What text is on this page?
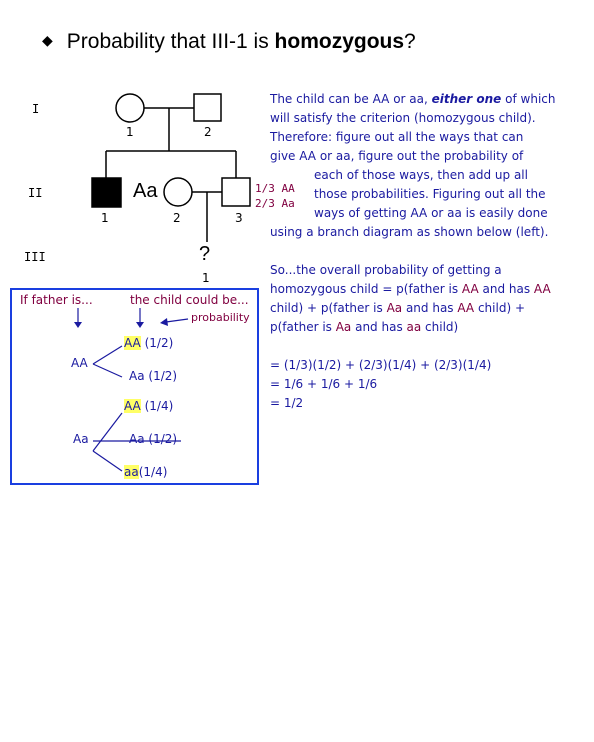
◆ Probability that III-1 is homozygous?
I
II
III
1	2
1	2	3
1
Aa	1/3 AA
2/3 Aa
?
The child can be AA or aa, either one of which
will satisfy the criterion (homozygous child).
Therefore: figure out all the ways that can
give AA or aa, figure out the probability of
each of those ways, then add up all
those probabilities. Figuring out all the
ways of getting AA or aa is easily done
using a branch diagram as shown below (left).
So...the overall probability of getting a
homozygous child = p(father is AA and has AA
child) + p(father is Aa and has AA child) +
p(father is Aa and has aa child)
= (1/3)(1/2) + (2/3)(1/4) + (2/3)(1/4)
= 1/6 + 1/6 + 1/6
= 1/2
If father is...	the child could be...
probability
AA
Aa
AA (1/2)
Aa (1/2)
AA (1/4)
Aa (1/2)
aa(1/4)
